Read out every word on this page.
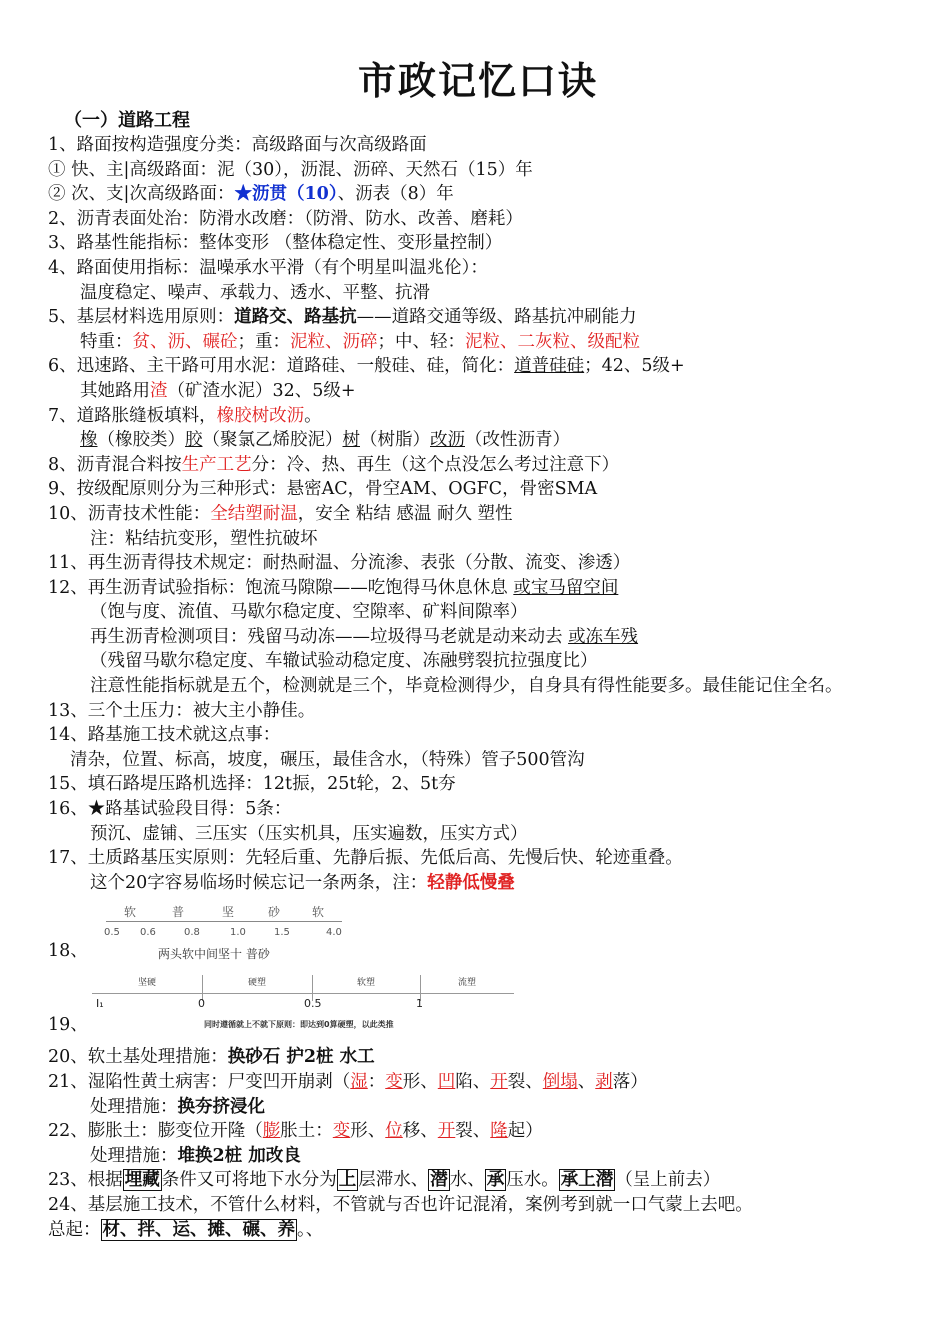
市政记忆口诀
（一）道路工程
1、路面按构造强度分类：高级路面与次高级路面
① 快、主|高级路面：泥（30），沥混、沥碎、天然石（15）年
② 次、支|次高级路面：★沥贯（10）、沥表（8）年
2、沥青表面处治：防滑水改磨：（防滑、防水、改善、磨耗）
3、路基性能指标：整体变形 （整体稳定性、变形量控制）
4、路面使用指标：温噪承水平滑（有个明星叫温兆伦）：
温度稳定、噪声、承载力、透水、平整、抗滑
5、基层材料选用原则：道路交、路基抗——道路交通等级、路基抗冲刷能力
特重：贫、沥、碾砼；重：泥粒、沥碎；中、轻：泥粒、二灰粒、级配粒
6、迅速路、主干路可用水泥：道路硅、一般硅、硅，简化：道普硅硅；42、5级+
其她路用渣（矿渣水泥）32、5级+
7、道路胀缝板填料，橡胶树改沥。
橡（橡胶类）胶（聚氯乙烯胶泥）树（树脂）改沥（改性沥青）
8、沥青混合料按生产工艺分：冷、热、再生（这个点没怎么考过注意下）
9、按级配原则分为三种形式：悬密AC，骨空AM、OGFC，骨密SMA
10、沥青技术性能：全结塑耐温，安全 粘结 感温 耐久 塑性
注：粘结抗变形，塑性抗破坏
11、再生沥青得技术规定：耐热耐温、分流渗、表张（分散、流变、渗透）
12、再生沥青试验指标：饱流马隙隙——吃饱得马休息休息 或宝马留空间
（饱与度、流值、马歇尔稳定度、空隙率、矿料间隙率）
再生沥青检测项目：残留马动冻——垃圾得马老就是动来动去 或冻车残
（残留马歇尔稳定度、车辙试验动稳定度、冻融劈裂抗拉强度比）
注意性能指标就是五个，检测就是三个，毕竟检测得少，自身具有得性能要多。最佳能记住全名。
13、三个土压力：被大主小静佳。
14、路基施工技术就这点事：
清杂，位置、标高，坡度，碾压，最佳含水，（特殊）管子500管沟
15、填石路堤压路机选择：12t振，25t轮，2、5t夯
16、★路基试验段目得：5条：
预沉、虚铺、三压实（压实机具，压实遍数，压实方式）
17、土质路基压实原则：先轻后重、先静后振、先低后高、先慢后快、轮迹重叠。
这个20字容易临场时候忘记一条两条，注：轻静低慢叠
18、
软	普	坚	砂	软
0.5 0.6	0.8	1.0	1.5	4.0
两头软中间坚十 普砂
19、
坚硬	硬塑	软塑	流塑
I₁	0	0.5	1
同时遵循就上不就下原则：即达到0算硬塑，以此类推
20、软土基处理措施：换砂石 护2桩 水工
21、湿陷性黄土病害：尸变凹开崩剥（湿：变形、凹陷、开裂、倒塌、剥落）
处理措施：换夯挤浸化
22、膨胀土：膨变位开隆（膨胀土：变形、位移、开裂、隆起）
处理措施：堆换2桩 加改良
23、根据 埋藏 条件又可将地下水分为 上 层滞水、 潜 水、 承 压水。 承上潜 （呈上前去）
24、基层施工技术，不管什么材料，不管就与否也许记混淆，案例考到就一口气蒙上去吧。
总起： 材、拌、运、摊、碾、养 。、
